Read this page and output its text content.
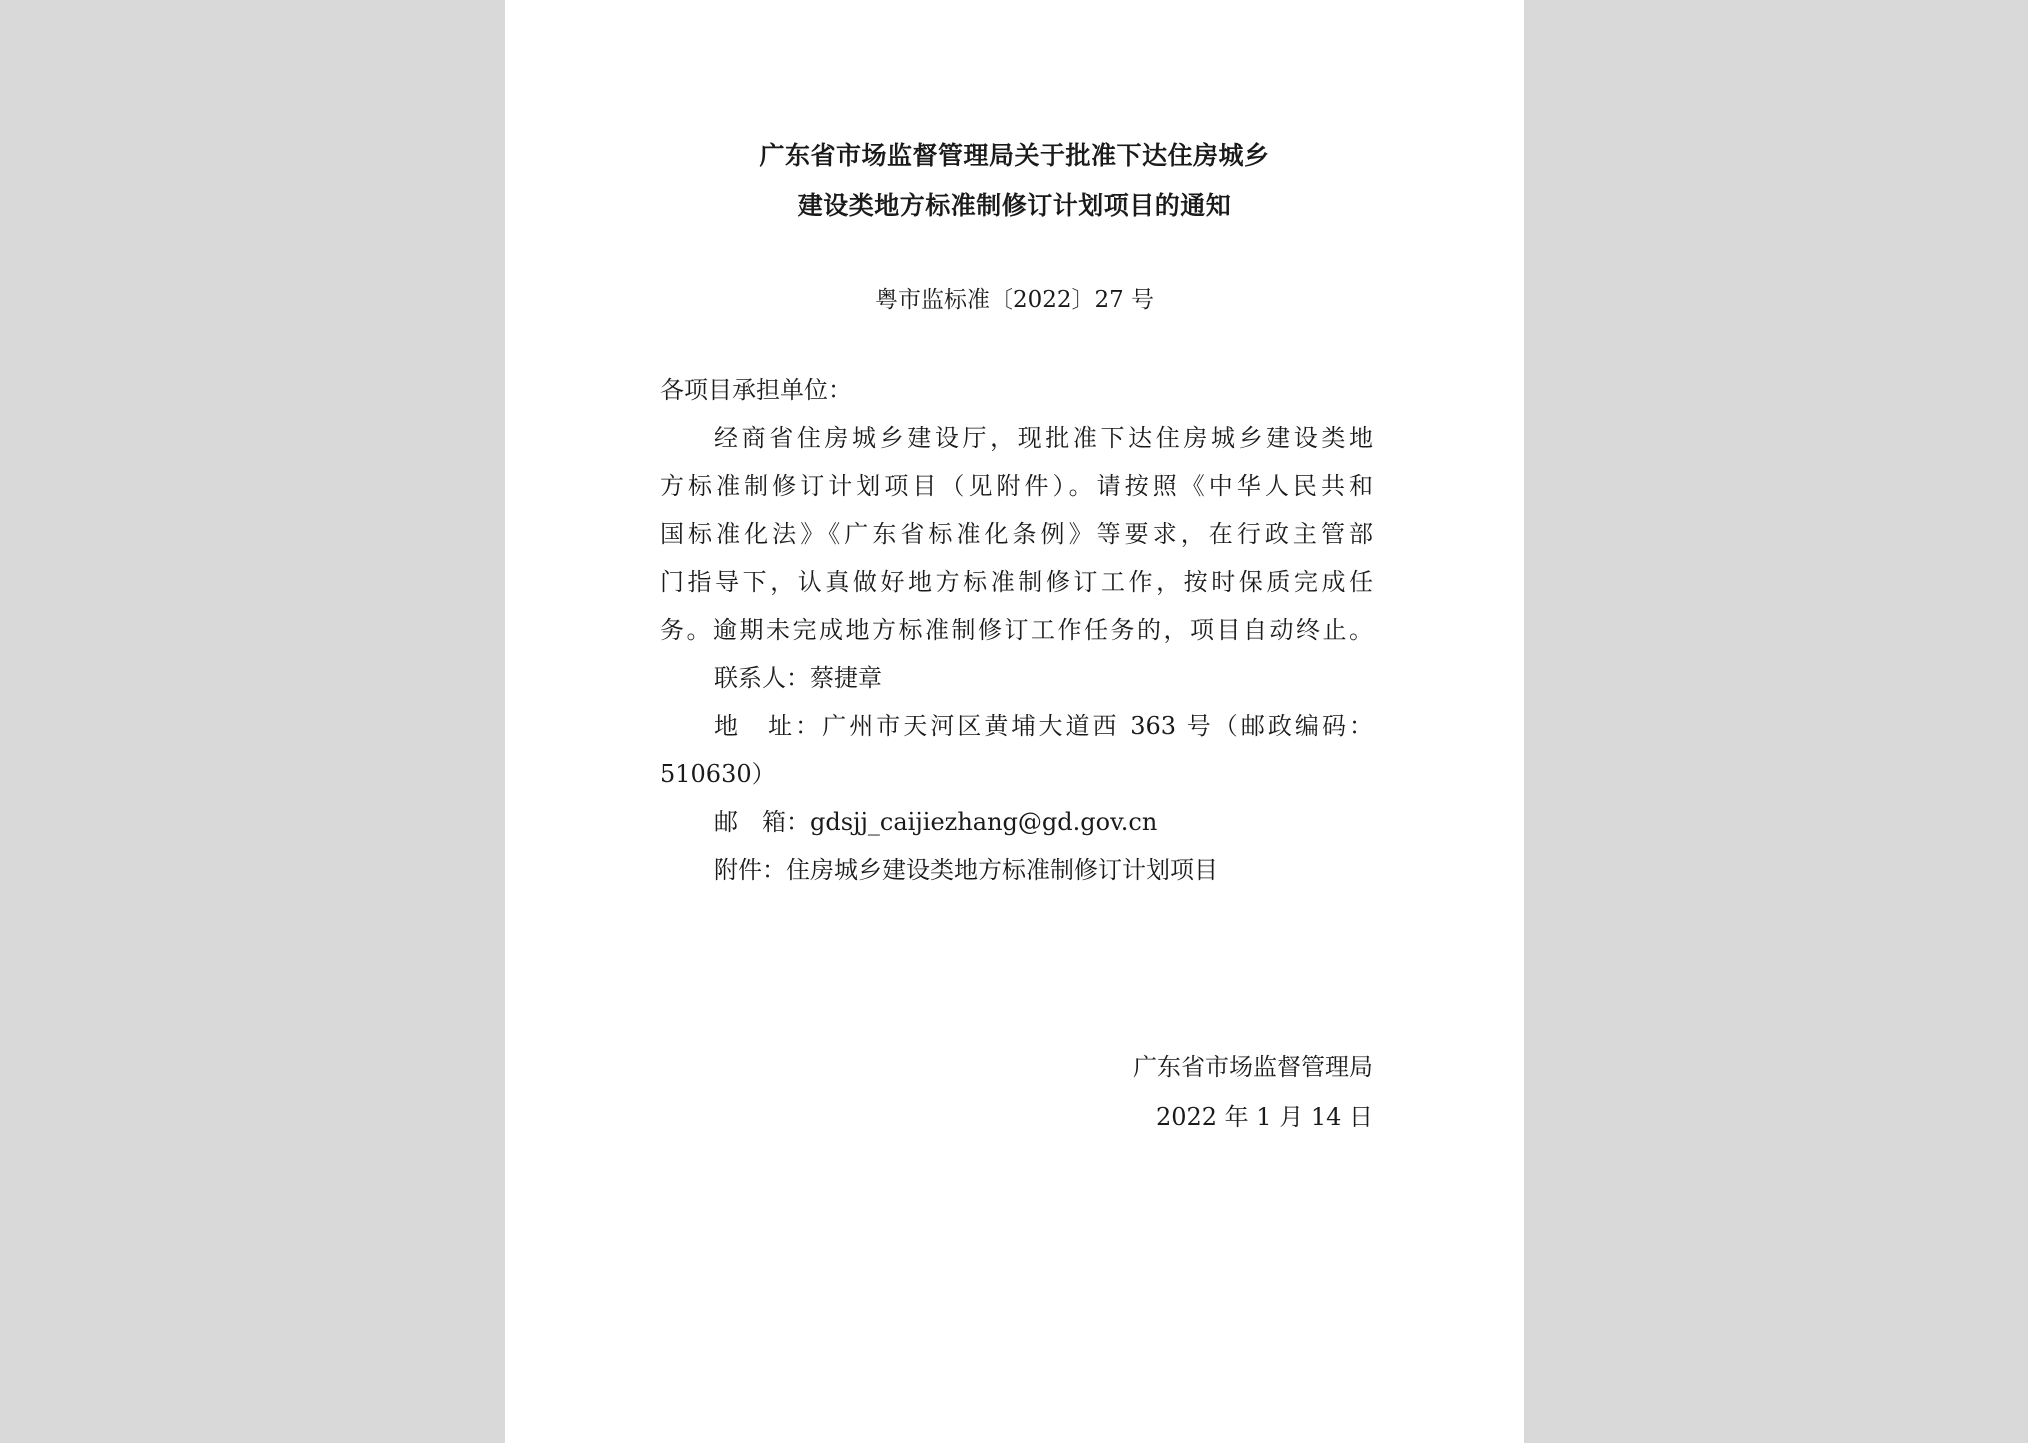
广东省市场监督管理局关于批准下达住房城乡
建设类地方标准制修订计划项目的通知
粤市监标准〔2022〕27 号
各项目承担单位：
经商省住房城乡建设厅，现批准下达住房城乡建设类地
方标准制修订计划项目（见附件）。请按照《中华人民共和
国标准化法》《广东省标准化条例》等要求，在行政主管部
门指导下，认真做好地方标准制修订工作，按时保质完成任
务。逾期未完成地方标准制修订工作任务的，项目自动终止。
联系人：蔡捷章
地　址：广州市天河区黄埔大道西 363 号（邮政编码：
510630）
邮　箱：gdsjj_caijiezhang@gd.gov.cn
附件：住房城乡建设类地方标准制修订计划项目
广东省市场监督管理局
2022 年 1 月 14 日
